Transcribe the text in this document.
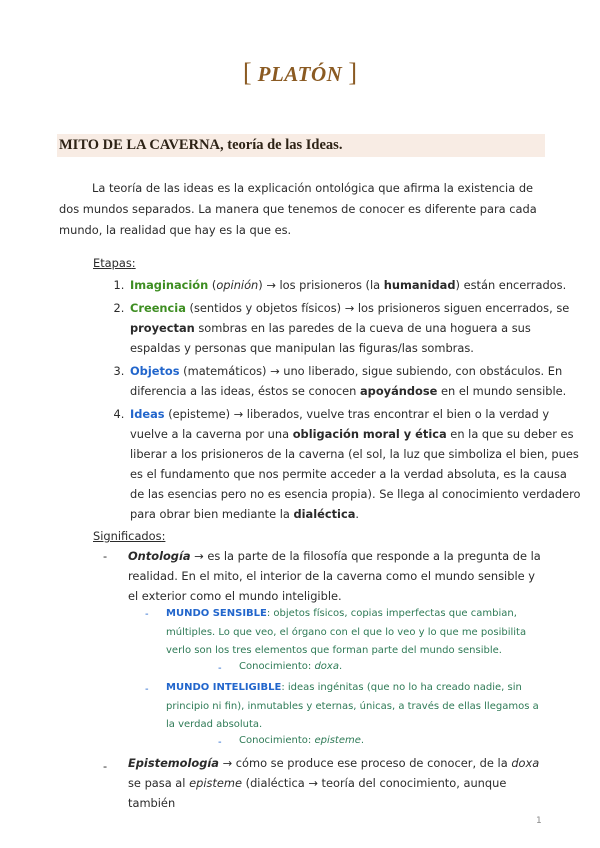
[ PLATÓN ]
MITO DE LA CAVERNA, teoría de las Ideas.

La teoría de las ideas es la explicación ontológica que afirma la existencia de dos mundos separados. La manera que tenemos de conocer es diferente para cada mundo, la realidad que hay es la que es.

Etapas:
1. Imaginación (opinión) → los prisioneros (la humanidad) están encerrados.
2. Creencia (sentidos y objetos físicos) → los prisioneros siguen encerrados, se proyectan sombras en las paredes de la cueva de una hoguera a sus espaldas y personas que manipulan las figuras/las sombras.
3. Objetos (matemáticos) → uno liberado, sigue subiendo, con obstáculos. En diferencia a las ideas, éstos se conocen apoyándose en el mundo sensible.
4. Ideas (episteme) → liberados, vuelve tras encontrar el bien o la verdad y vuelve a la caverna por una obligación moral y ética en la que su deber es liberar a los prisioneros de la caverna (el sol, la luz que simboliza el bien, pues es el fundamento que nos permite acceder a la verdad absoluta, es la causa de las esencias pero no es esencia propia). Se llega al conocimiento verdadero para obrar bien mediante la dialéctica.
Significados:
- Ontología → es la parte de la filosofía que responde a la pregunta de la realidad. En el mito, el interior de la caverna como el mundo sensible y el exterior como el mundo inteligible.
- MUNDO SENSIBLE: objetos físicos, copias imperfectas que cambian, múltiples. Lo que veo, el órgano con el que lo veo y lo que me posibilita verlo son los tres elementos que forman parte del mundo sensible.
- Conocimiento: doxa.
- MUNDO INTELIGIBLE: ideas ingénitas (que no lo ha creado nadie, sin principio ni fin), inmutables y eternas, únicas, a través de ellas llegamos a la verdad absoluta.
- Conocimiento: episteme.
- Epistemología → cómo se produce ese proceso de conocer, de la doxa se pasa al episteme (dialéctica → teoría del conocimiento, aunque también
1
